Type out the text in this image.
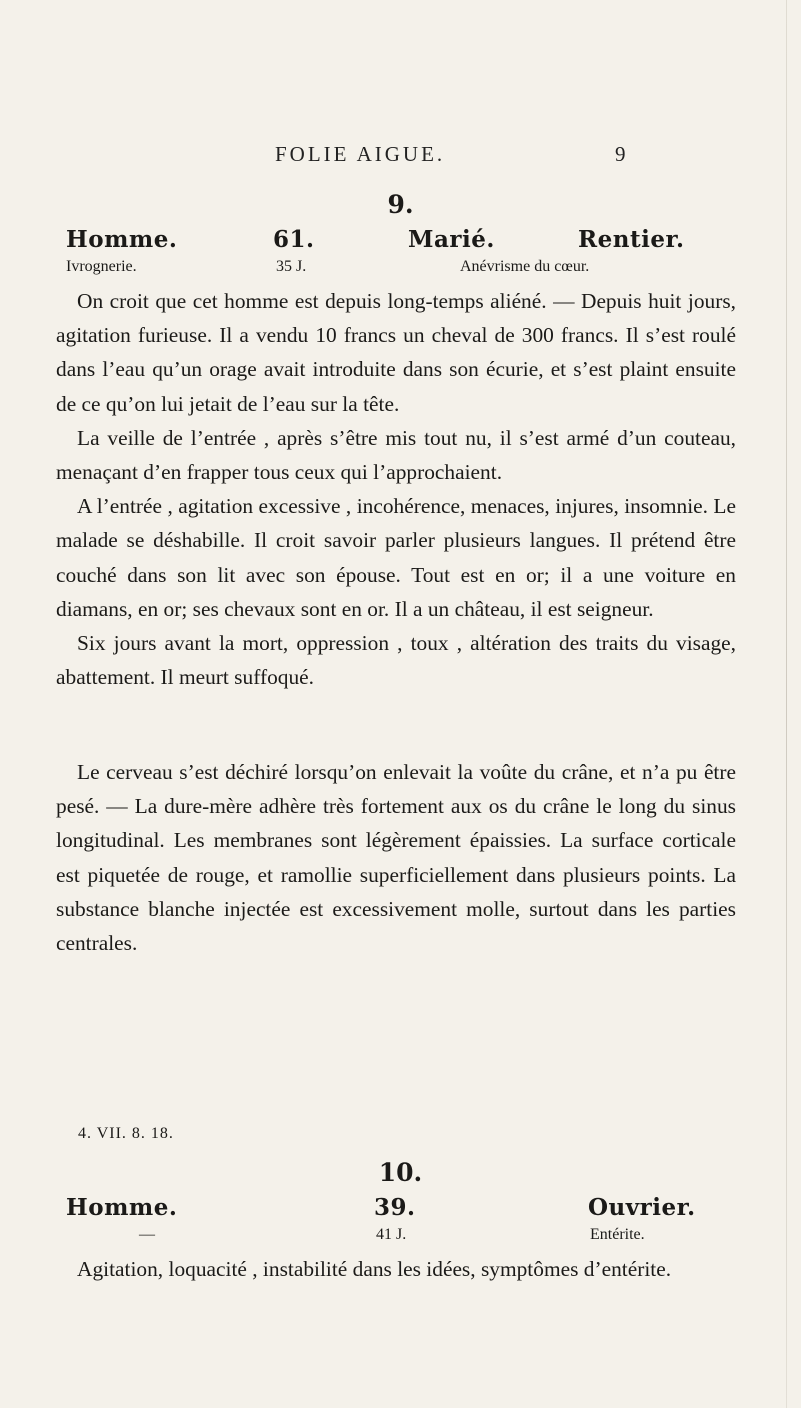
FOLIE AIGUE.	9
9.
Homme.	61.	Marié.	Rentier.
Ivrognerie.	35 J.	Anévrisme du cœur.

On croit que cet homme est depuis long-temps aliéné. — Depuis huit jours, agitation furieuse. Il a vendu 10 francs un cheval de 300 francs. Il s’est roulé dans l’eau qu’un orage avait introduite dans son écurie, et s’est plaint ensuite de ce qu’on lui jetait de l’eau sur la tête.

La veille de l’entrée , après s’être mis tout nu, il s’est armé d’un couteau, menaçant d’en frapper tous ceux qui l’approchaient.

A l’entrée , agitation excessive , incohérence, menaces, injures, insomnie. Le malade se déshabille. Il croit savoir parler plusieurs langues. Il prétend être couché dans son lit avec son épouse. Tout est en or; il a une voiture en diamans, en or; ses chevaux sont en or. Il a un château, il est seigneur.

Six jours avant la mort, oppression , toux , altération des traits du visage, abattement. Il meurt suffoqué.

Le cerveau s’est déchiré lorsqu’on enlevait la voûte du crâne, et n’a pu être pesé. — La dure-mère adhère très fortement aux os du crâne le long du sinus longitudinal. Les membranes sont légèrement épaissies. La surface corticale est piquetée de rouge, et ramollie superficiellement dans plusieurs points. La substance blanche injectée est excessivement molle, surtout dans les parties centrales.

4. VII. 8. 18.
10.
Homme.	39.	Ouvrier.
—	41 J.	Entérite.

Agitation, loquacité , instabilité dans les idées, symptômes d’entérite.
